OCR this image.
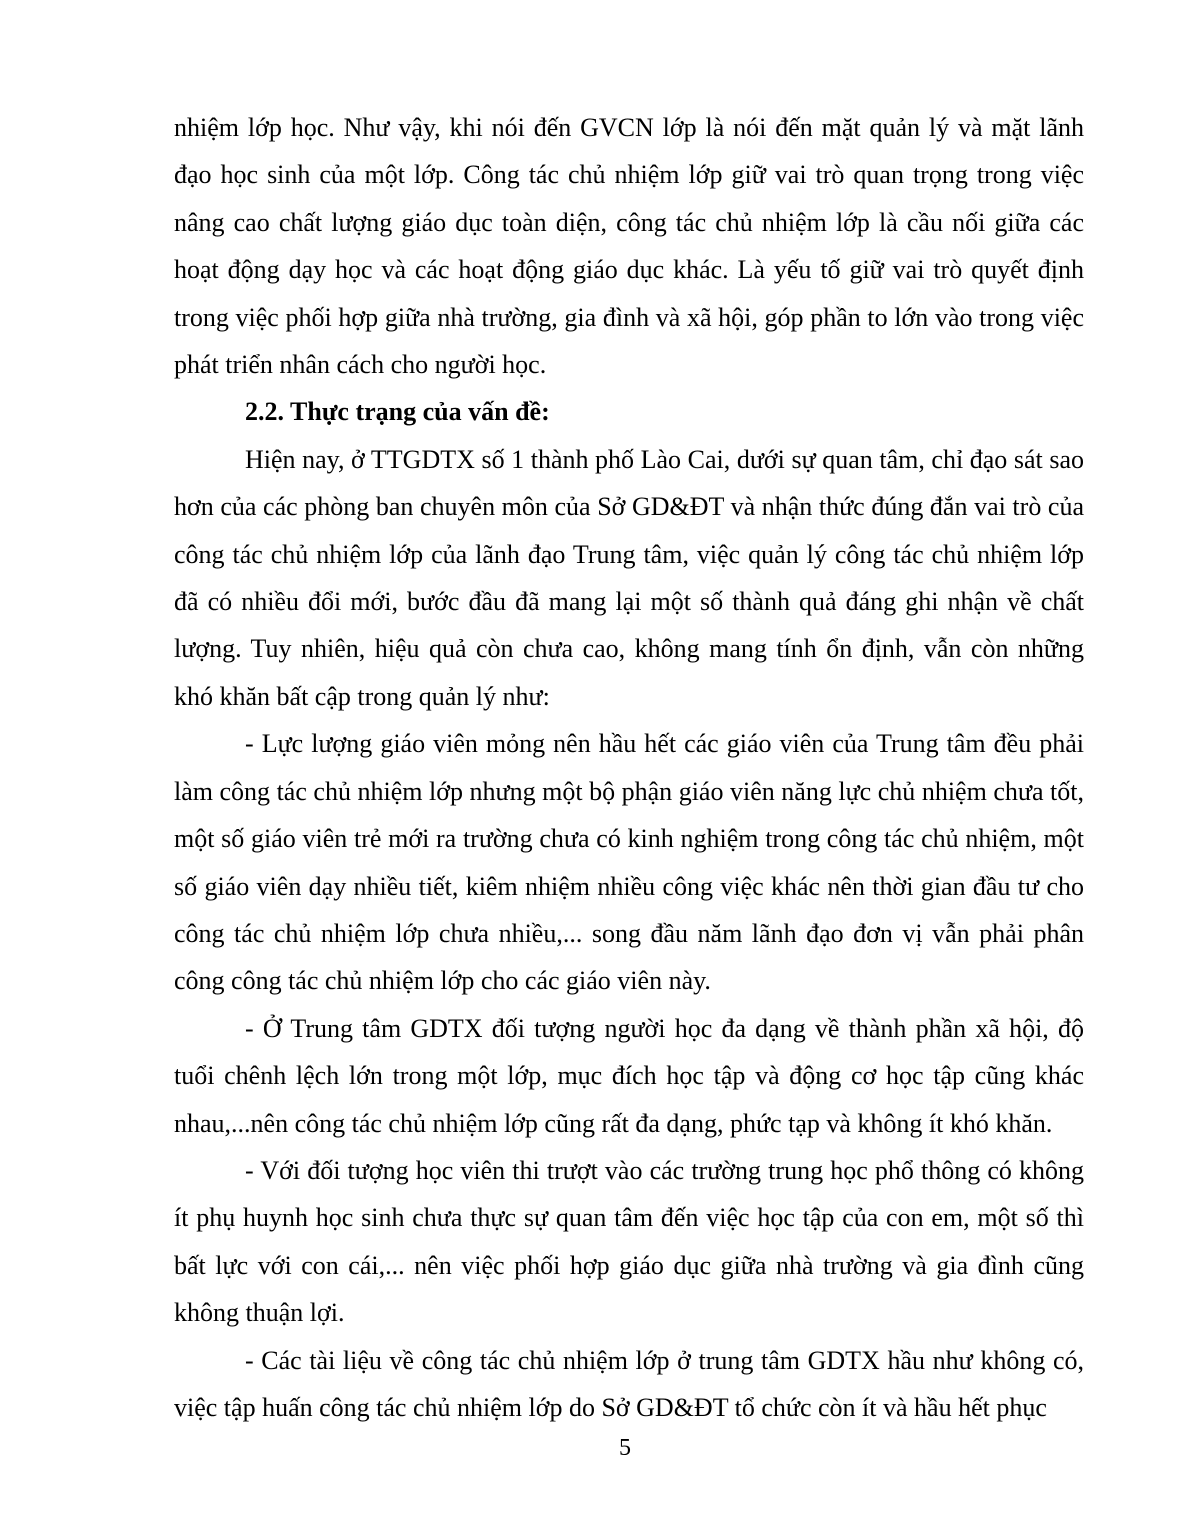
nhiệm lớp học. Như vậy, khi nói đến GVCN lớp là nói đến mặt quản lý và mặt lãnh đạo học sinh của một lớp. Công tác chủ nhiệm lớp giữ vai trò quan trọng trong việc nâng cao chất lượng giáo dục toàn diện, công tác chủ nhiệm lớp là cầu nối giữa các hoạt động dạy học và các hoạt động giáo dục khác. Là yếu tố giữ vai trò quyết định trong việc phối hợp giữa nhà trường, gia đình và xã hội, góp phần to lớn vào trong việc phát triển nhân cách cho người học.

2.2. Thực trạng của vấn đề:

Hiện nay, ở TTGDTX số 1 thành phố Lào Cai, dưới sự quan tâm, chỉ đạo sát sao hơn của các phòng ban chuyên môn của Sở GD&ĐT và nhận thức đúng đắn vai trò của công tác chủ nhiệm lớp của lãnh đạo Trung tâm, việc quản lý công tác chủ nhiệm lớp đã có nhiều đổi mới, bước đầu đã mang lại một số thành quả đáng ghi nhận về chất lượng. Tuy nhiên, hiệu quả còn chưa cao, không mang tính ổn định, vẫn còn những khó khăn bất cập trong quản lý như:

- Lực lượng giáo viên mỏng nên hầu hết các giáo viên của Trung tâm đều phải làm công tác chủ nhiệm lớp nhưng một bộ phận giáo viên năng lực chủ nhiệm chưa tốt, một số giáo viên trẻ mới ra trường chưa có kinh nghiệm trong công tác chủ nhiệm, một số giáo viên dạy nhiều tiết, kiêm nhiệm nhiều công việc khác nên thời gian đầu tư cho công tác chủ nhiệm lớp chưa nhiều,... song đầu năm lãnh đạo đơn vị vẫn phải phân công công tác chủ nhiệm lớp cho các giáo viên này.

- Ở Trung tâm GDTX đối tượng người học đa dạng về thành phần xã hội, độ tuổi chênh lệch lớn trong một lớp, mục đích học tập và động cơ học tập cũng khác nhau,...nên công tác chủ nhiệm lớp cũng rất đa dạng, phức tạp và không ít khó khăn.

- Với đối tượng học viên thi trượt vào các trường trung học phổ thông có không ít phụ huynh học sinh chưa thực sự quan tâm đến việc học tập của con em, một số thì bất lực với con cái,... nên việc phối hợp giáo dục giữa nhà trường và gia đình cũng không thuận lợi.

- Các tài liệu về công tác chủ nhiệm lớp ở trung tâm GDTX hầu như không có, việc tập huấn công tác chủ nhiệm lớp do Sở GD&ĐT tổ chức còn ít và hầu hết phục

5
